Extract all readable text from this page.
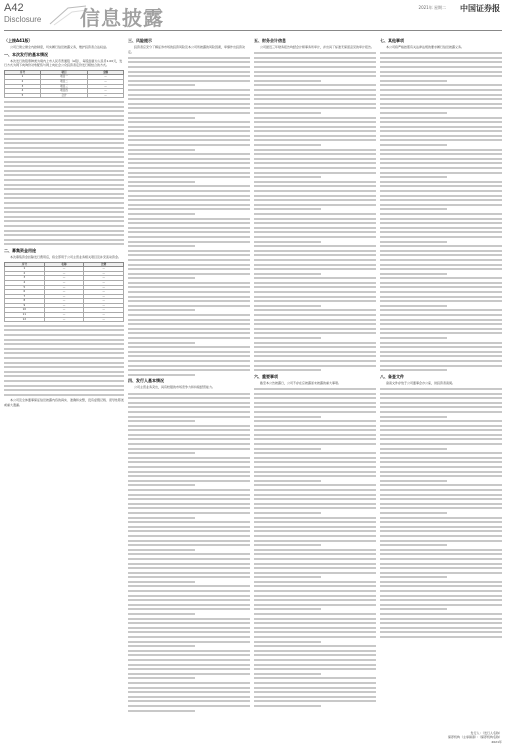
A42
Disclosure 信息披露	2021年 星期二 中国证券报
（上接A41版）

公司已建立健全内控制度，切实履行信息披露义务，维护投资者合法权益。

一、本次发行的基本情况

本次发行的股票种类为境内上市人民币普通股（A股），每股面值为人民币1.00元，发行方式为网下向询价对象配售与网上向社会公众投资者定价发行相结合的方式。

序号	项目	金额
1	项目一	—
2	项目二	—
3	项目三	—
4	项目四	—
5	合计	—
二、募集资金用途

本次募集资金扣除发行费用后，将全部用于公司主营业务相关项目及补充流动资金。

序号	名称	比例
1	—	—
2	—	—
3	—	—
4	—	—
5	—	—
6	—	—
7	—	—
8	—	—
9	—	—
10	—	—
11	—	—
12	—	—

本公司及全体董事保证信息披露内容的真实、准确和完整，没有虚假记载、误导性陈述或重大遗漏。

三、风险提示

投资者应充分了解证券市场的投资风险及本公司所披露的风险因素，审慎作出投资决定。

四、发行人基本情况

公司主营业务突出，具有较强的市场竞争力和持续经营能力。

五、财务会计信息

公司最近三年财务报告均经会计师事务所审计，并出具了标准无保留意见的审计报告。

六、重要事项

截至本公告披露日，公司不存在应披露而未披露的重大事项。

七、其他事项

本公司将严格按照有关法律法规的要求履行信息披露义务。

八、备查文件

备查文件存放于公司董事会办公室，供投资者查阅。

发行人：（发行人名称）
保荐机构（主承销商）：（保荐机构名称）
2021年
